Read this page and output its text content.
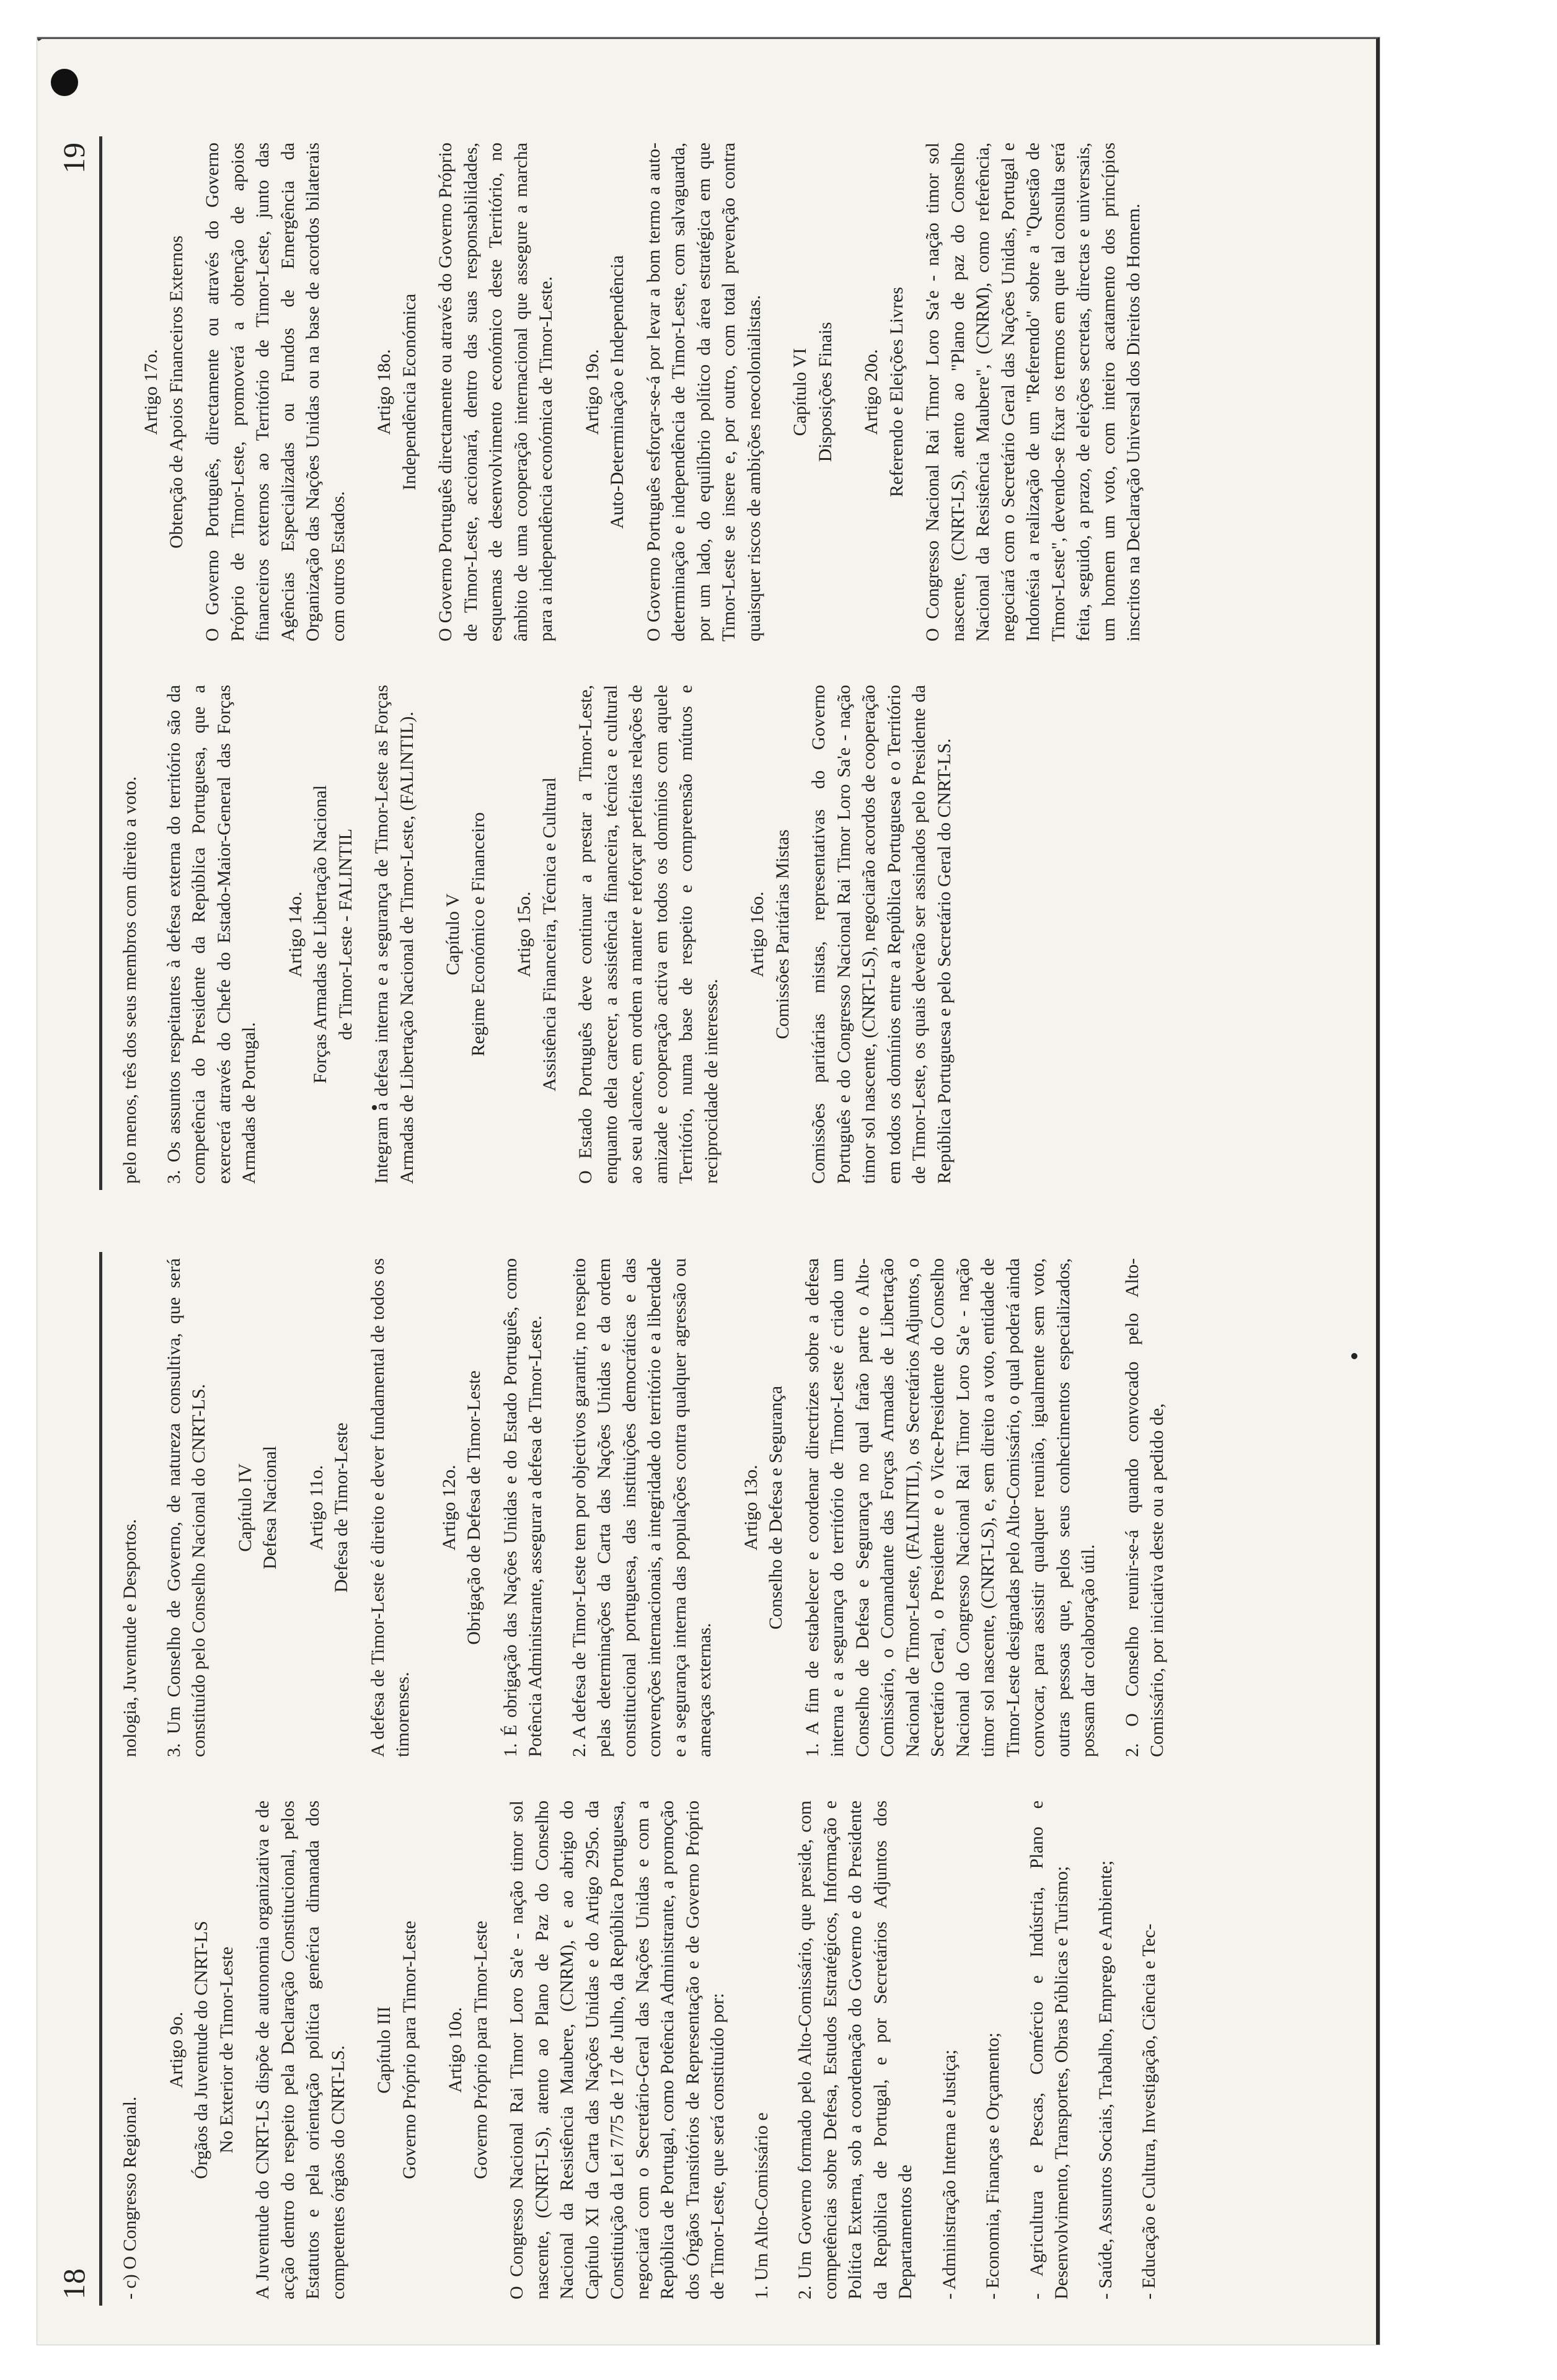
18 - c) O Congresso Regional.

Artigo 9o. Órgãos da Juventude do CNRT-LS No Exterior de Timor-Leste A Juventude do CNRT-LS dispõe de autonomia organizativa e de acção dentro do respeito pela Declaração Constitucional, pelos Estatutos e pela orientação política genérica dimanada dos competentes órgãos do CNRT-LS. Capítulo III Governo Próprio para Timor-Leste Artigo 10o. Governo Próprio para Timor-Leste O Congresso Nacional Rai Timor Loro Sa'e - nação timor sol nascente, (CNRT-LS), atento ao Plano de Paz do Conselho Nacional da Resistência Maubere, (CNRM), e ao abrigo do Capítulo XI da Carta das Nações Unidas e do Artigo 295o. da Constituição da Lei 7/75 de 17 de Julho, da República Portuguesa, negociará com o Secretário-Geral das Nações Unidas e com a República de Portugal, como Potência Administrante, a promoção dos Órgãos Transitórios de Representação e de Governo Próprio de Timor-Leste, que será constituído por: 1. Um Alto-Comissário e 2. Um Governo formado pelo Alto-Comissário, que preside, com competências sobre Defesa, Estudos Estratégicos, Informação e Política Externa, sob a coordenação do Governo e do Presidente da República de Portugal, e por Secretários Adjuntos dos Departamentos de - Administração Interna e Justiça; - Economia, Finanças e Orçamento; - Agricultura e Pescas, Comércio e Indústria, Plano e Desenvolvimento, Transportes, Obras Públicas e Turismo; - Saúde, Assuntos Sociais, Trabalho, Emprego e Ambiente; - Educação e Cultura, Investigação, Ciência e Tec-

nologia, Juventude e Desportos. 3. Um Conselho de Governo, de natureza consultiva, que será constituído pelo Conselho Nacional do CNRT-LS. Capítulo IV Defesa Nacional Artigo 11o. Defesa de Timor-Leste A defesa de Timor-Leste é direito e dever fundamental de todos os timorenses.

Artigo 12o. Obrigação de Defesa de Timor-Leste 1. É obrigação das Nações Unidas e do Estado Português, como Potência Administrante, assegurar a defesa de Timor-Leste. 2. A defesa de Timor-Leste tem por objectivos garantir, no respeito pelas determinações da Carta das Nações Unidas e da ordem constitucional portuguesa, das instituições democráticas e das convenções internacionais, a integridade do território e a liberdade e a segurança interna das populações contra qualquer agressão ou ameaças externas.

Artigo 13o. Conselho de Defesa e Segurança 1. A fim de estabelecer e coordenar directrizes sobre a defesa interna e a segurança do território de Timor-Leste é criado um Conselho de Defesa e Segurança no qual farão parte o Alto-Comissário, o Comandante das Forças Armadas de Libertação Nacional de Timor-Leste, (FALINTIL), os Secretários Adjuntos, o Secretário Geral, o Presidente e o Vice-Presidente do Conselho Nacional do Congresso Nacional Rai Timor Loro Sa'e - nação timor sol nascente, (CNRT-LS), e, sem direito a voto, entidade de Timor-Leste designadas pelo Alto-Comissário, o qual poderá ainda convocar, para assistir qualquer reunião, igualmente sem voto, outras pessoas que, pelos seus conhecimentos especializados, possam dar colaboração útil. 2. O Conselho reunir-se-á quando convocado pelo Alto-Comissário, por iniciativa deste ou a pedido de,

19

pelo menos, três dos seus membros com direito a voto. 3. Os assuntos respeitantes à defesa externa do território são da competência do Presidente da República Portuguesa, que a exercerá através do Chefe do Estado-Maior-General das Forças Armadas de Portugal.

Artigo 14o. Forças Armadas de Libertação Nacional de Timor-Leste - FALINTIL Integram a defesa interna e a segurança de Timor-Leste as Forças Armadas de Libertação Nacional de Timor-Leste, (FALINTIL). Capítulo V Regime Económico e Financeiro Artigo 15o. Assistência Financeira, Técnica e Cultural O Estado Português deve continuar a prestar a Timor-Leste, enquanto dela carecer, a assistência financeira, técnica e cultural ao seu alcance, em ordem a manter e reforçar perfeitas relações de amizade e cooperação activa em todos os domínios com aquele Território, numa base de respeito e compreensão mútuos e reciprocidade de interesses.

Artigo 16o. Comissões Paritárias Mistas Comissões paritárias mistas, representativas do Governo Português e do Congresso Nacional Rai Timor Loro Sa'e - nação timor sol nascente, (CNRT-LS), negociarão acordos de cooperação em todos os domínios entre a República Portuguesa e o Território de Timor-Leste, os quais deverão ser assinados pelo Presidente da República Portuguesa e pelo Secretário Geral do CNRT-LS.

Artigo 17o. Obtenção de Apoios Financeiros Externos O Governo Português, directamente ou através do Governo Próprio de Timor-Leste, promoverá a obtenção de apoios financeiros externos ao Território de Timor-Leste, junto das Agências Especializadas ou Fundos de Emergência da Organização das Nações Unidas ou na base de acordos bilaterais com outros Estados.

Artigo 18o. Independência Económica O Governo Português directamente ou através do Governo Próprio de Timor-Leste, accionará, dentro das suas responsabilidades, esquemas de desenvolvimento económico deste Território, no âmbito de uma cooperação internacional que assegure a marcha para a independência económica de Timor-Leste. Artigo 19o. Auto-Determinação e Independência O Governo Português esforçar-se-á por levar a bom termo a auto-determinação e independência de Timor-Leste, com salvaguarda, por um lado, do equilíbrio político da área estratégica em que Timor-Leste se insere e, por outro, com total prevenção contra quaisquer riscos de ambições neocolonialistas. Capítulo VI Disposições Finais Artigo 20o. Referendo e Eleições Livres O Congresso Nacional Rai Timor Loro Sa'e - nação timor sol nascente, (CNRT-LS), atento ao "Plano de paz do Conselho Nacional da Resistência Maubere", (CNRM), como referência, negociará com o Secretário Geral das Nações Unidas, Portugal e Indonésia a realização de um "Referendo" sobre a "Questão de Timor-Leste", devendo-se fixar os termos em que tal consulta será feita, seguido, a prazo, de eleições secretas, directas e universais, um homem um voto, com inteiro acatamento dos princípios inscritos na Declaração Universal dos Direitos do Homem.
